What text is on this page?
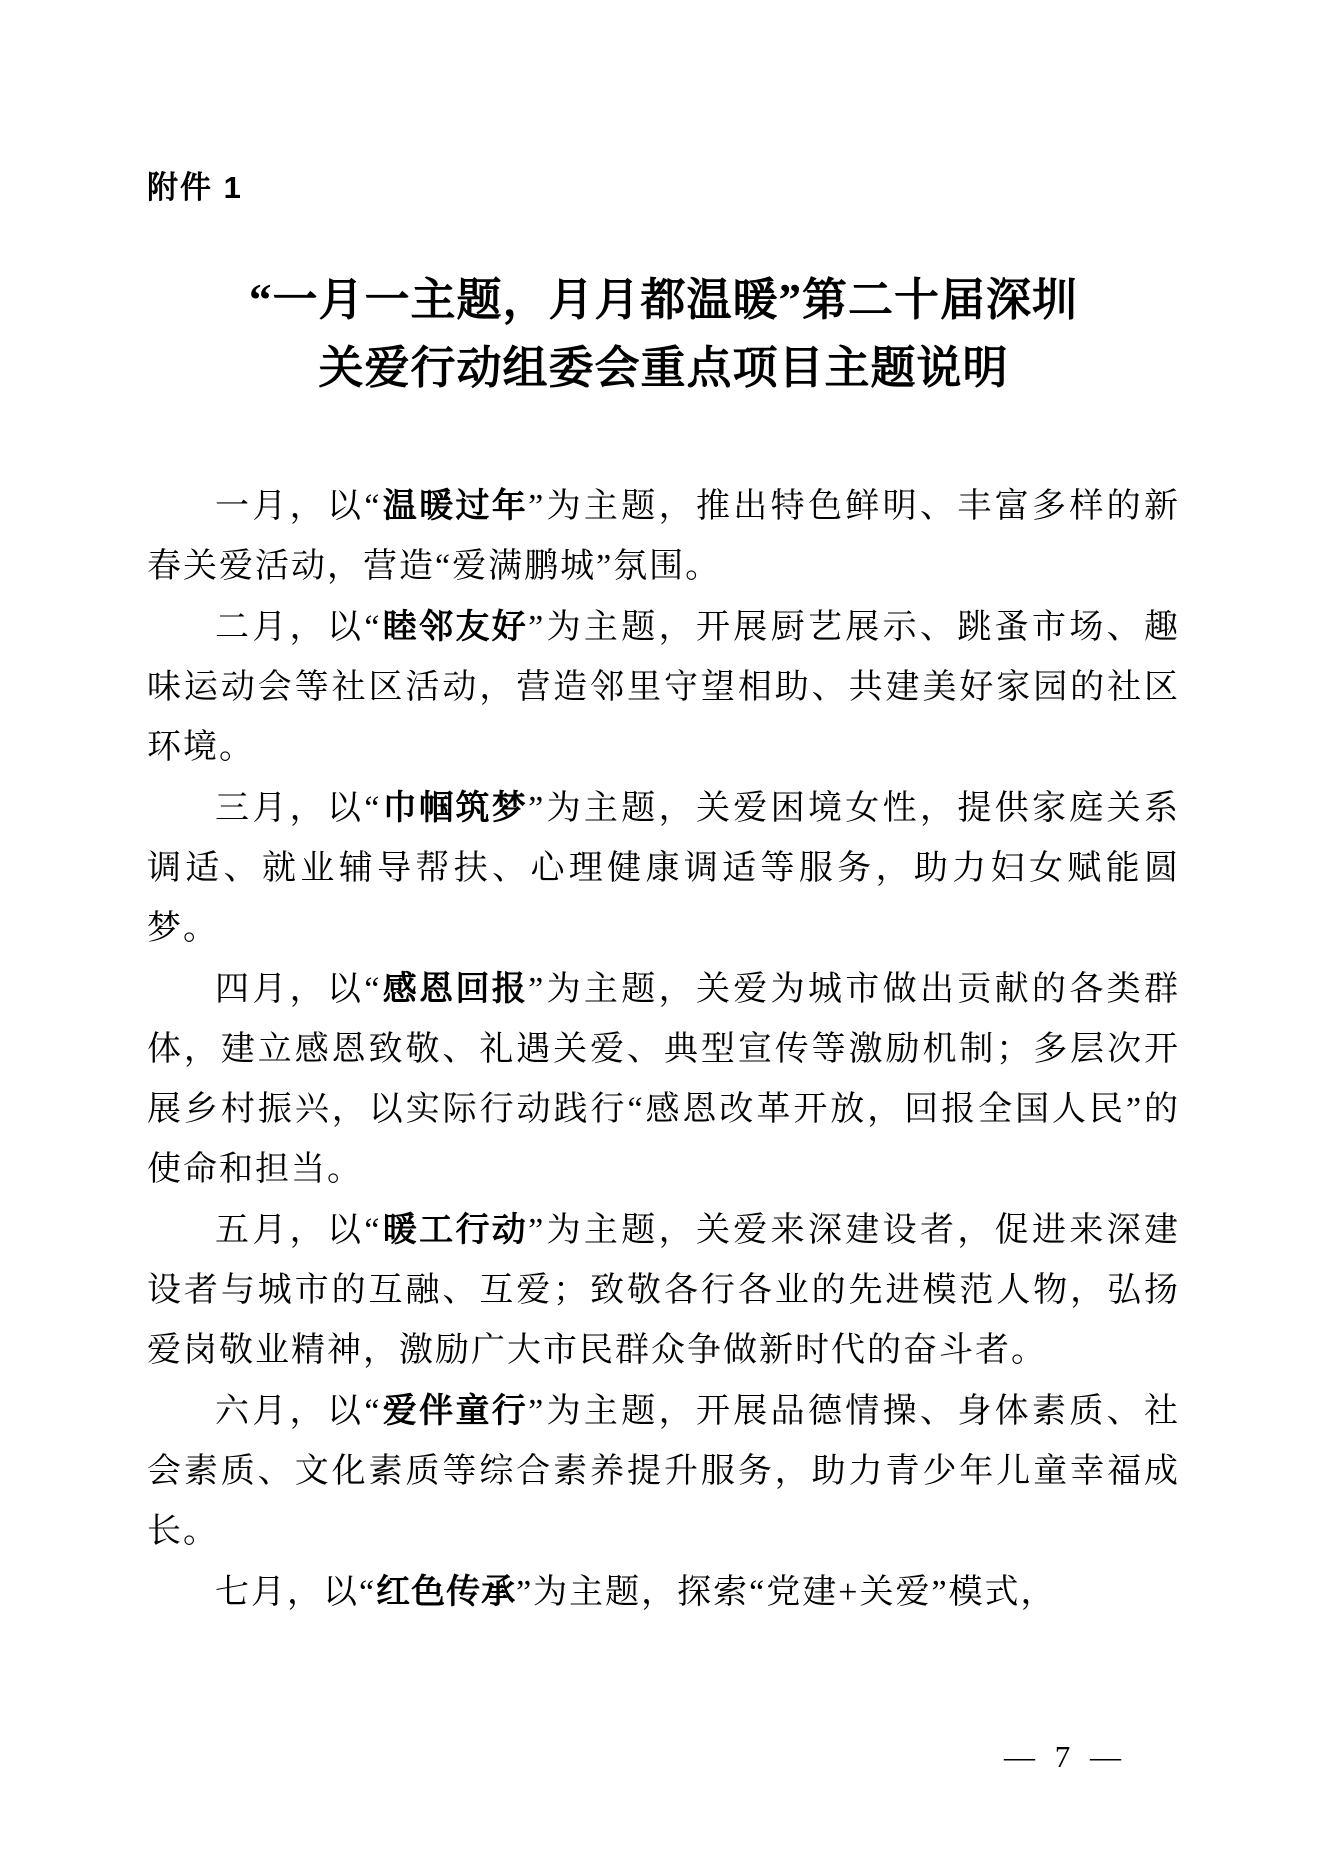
附件 1
“一月一主题，月月都温暖”第二十届深圳
关爱行动组委会重点项目主题说明

一月，以“温暖过年”为主题，推出特色鲜明、丰富多样的新春关爱活动，营造“爱满鹏城”氛围。

二月，以“睦邻友好”为主题，开展厨艺展示、跳蚤市场、趣味运动会等社区活动，营造邻里守望相助、共建美好家园的社区环境。

三月，以“巾帼筑梦”为主题，关爱困境女性，提供家庭关系调适、就业辅导帮扶、心理健康调适等服务，助力妇女赋能圆梦。

四月，以“感恩回报”为主题，关爱为城市做出贡献的各类群体，建立感恩致敬、礼遇关爱、典型宣传等激励机制；多层次开展乡村振兴，以实际行动践行“感恩改革开放，回报全国人民”的使命和担当。

五月，以“暖工行动”为主题，关爱来深建设者，促进来深建设者与城市的互融、互爱；致敬各行各业的先进模范人物，弘扬爱岗敬业精神，激励广大市民群众争做新时代的奋斗者。

六月，以“爱伴童行”为主题，开展品德情操、身体素质、社会素质、文化素质等综合素养提升服务，助力青少年儿童幸福成长。

七月，以“红色传承”为主题，探索“党建+关爱”模式，

— 7 —
